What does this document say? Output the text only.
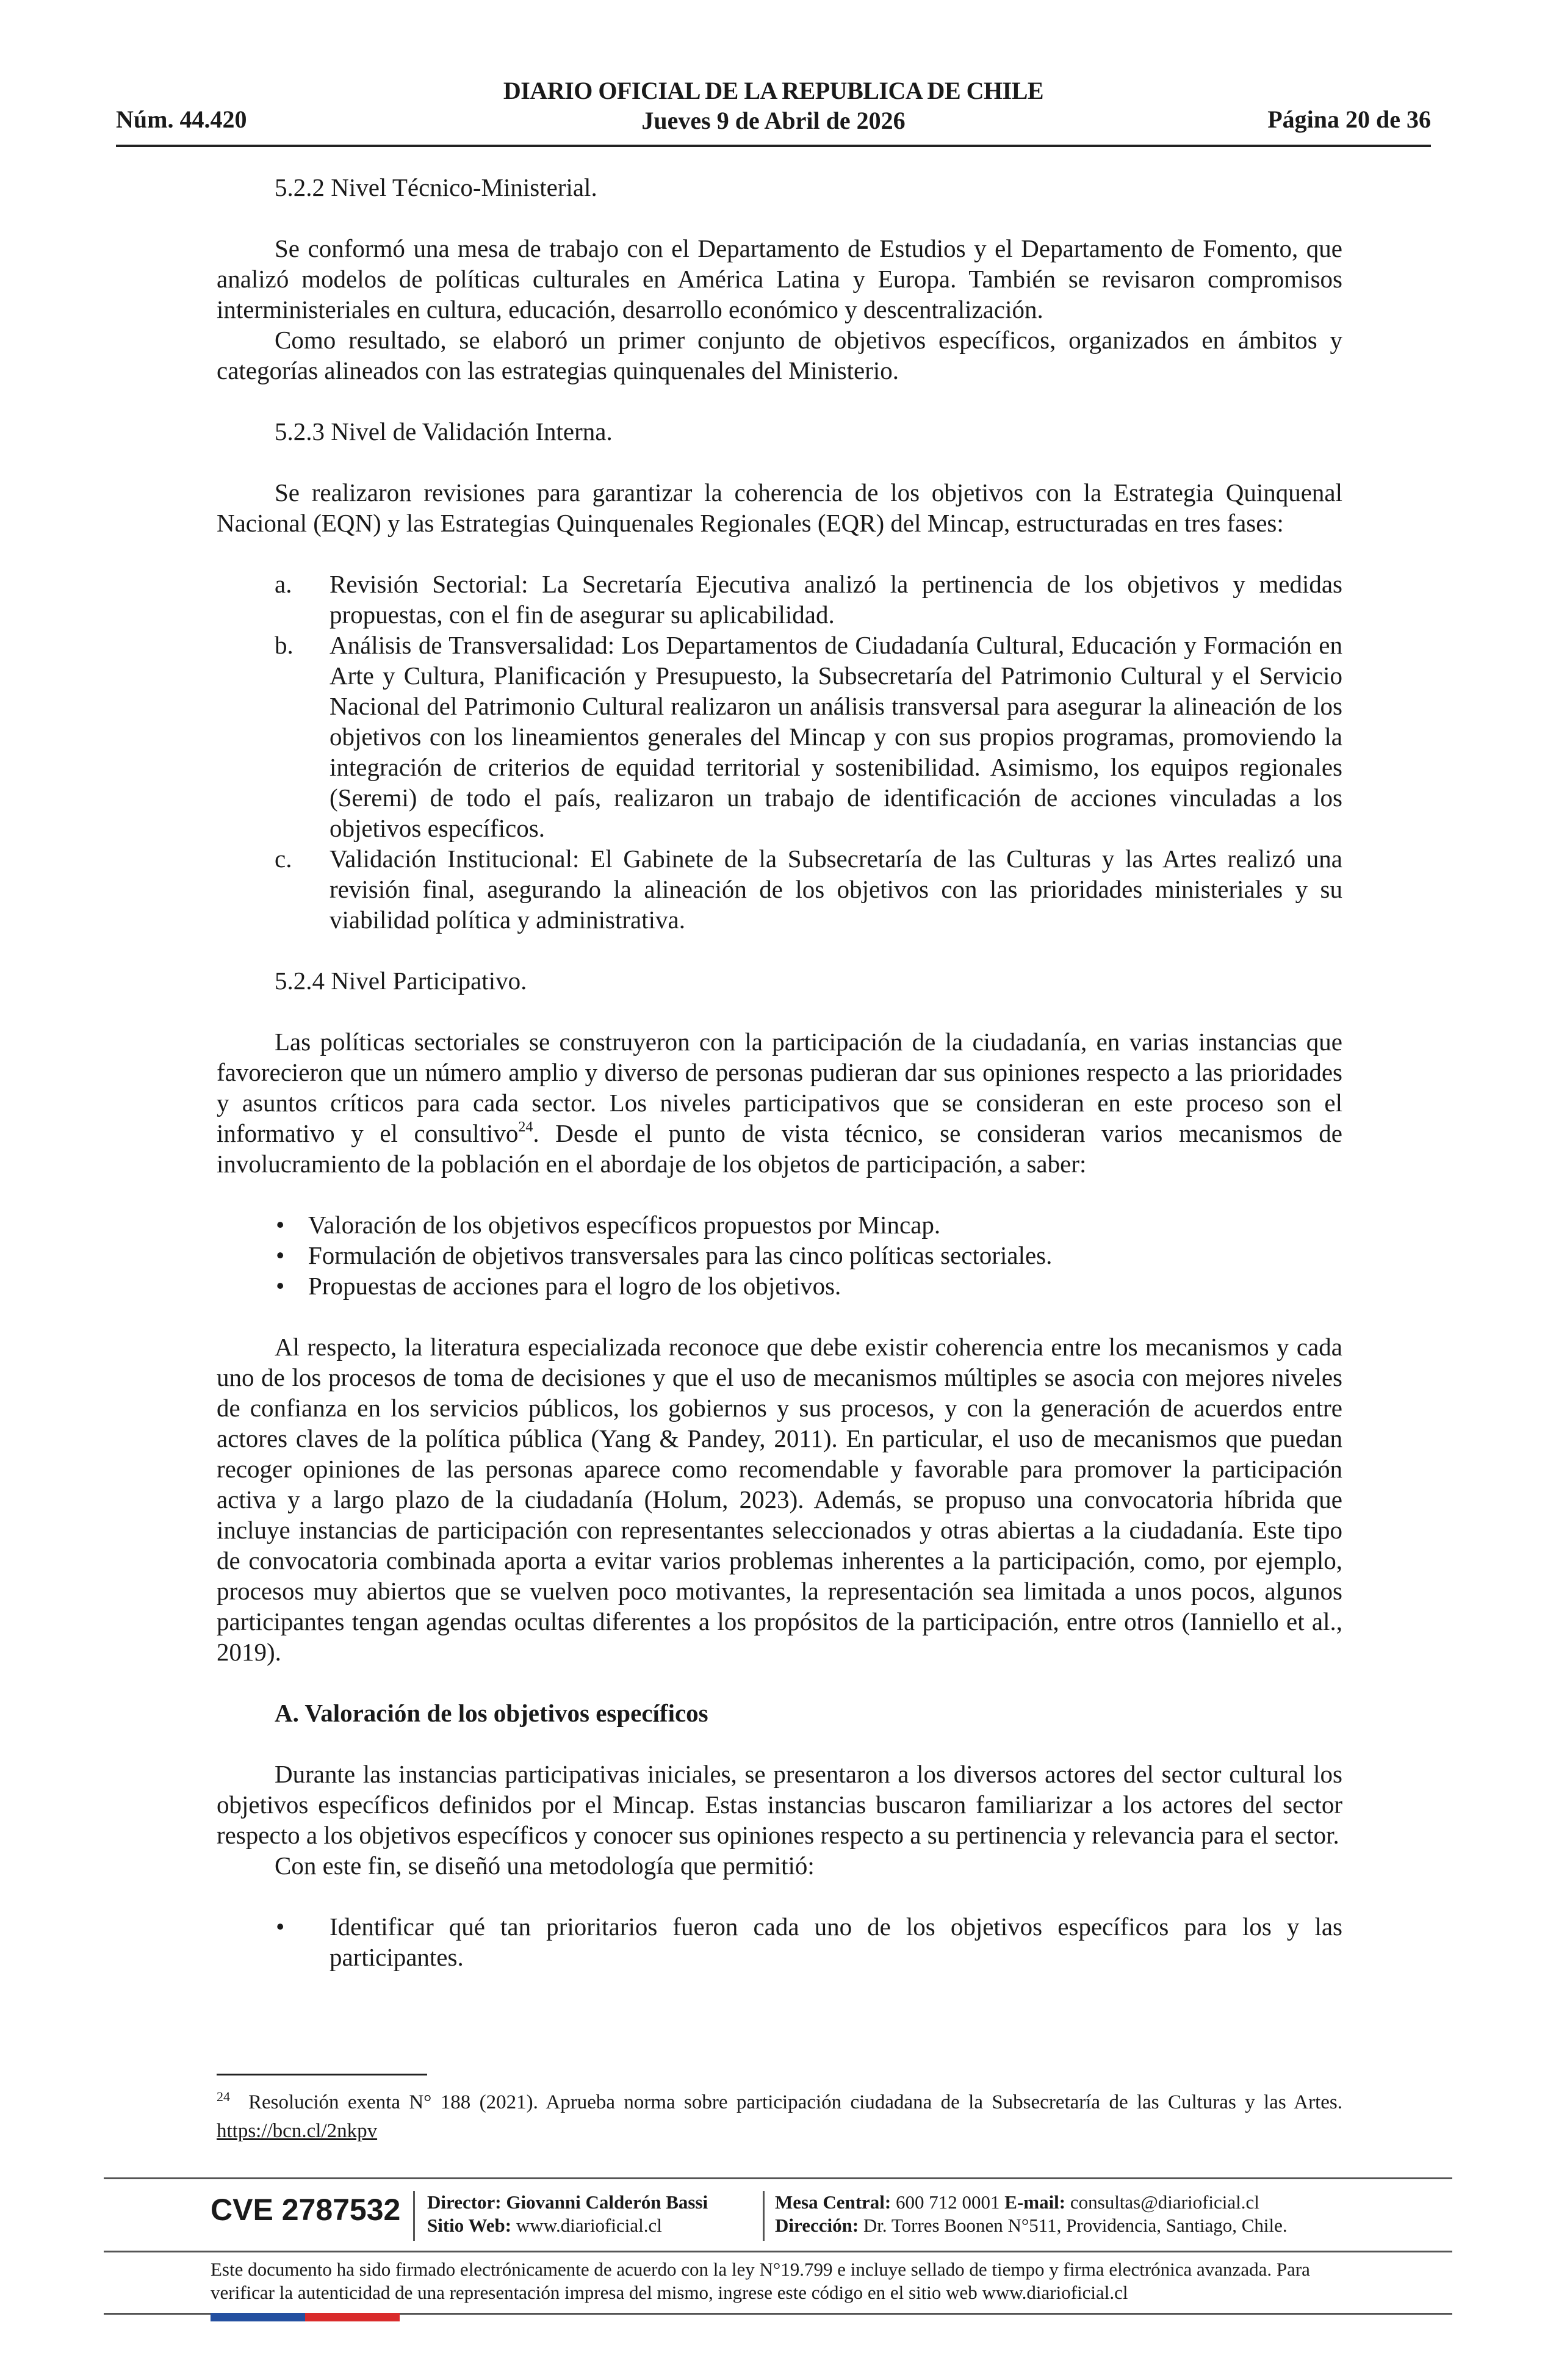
Núm. 44.420
DIARIO OFICIAL DE LA REPUBLICA DE CHILE
Jueves 9 de Abril de 2026	Página 20 de 36

5.2.2 Nivel Técnico-Ministerial.

Se conformó una mesa de trabajo con el Departamento de Estudios y el Departamento de Fomento, que analizó modelos de políticas culturales en América Latina y Europa. También se revisaron compromisos interministeriales en cultura, educación, desarrollo económico y descentralización.

Como resultado, se elaboró un primer conjunto de objetivos específicos, organizados en ámbitos y categorías alineados con las estrategias quinquenales del Ministerio.

5.2.3 Nivel de Validación Interna.

Se realizaron revisiones para garantizar la coherencia de los objetivos con la Estrategia Quinquenal Nacional (EQN) y las Estrategias Quinquenales Regionales (EQR) del Mincap, estructuradas en tres fases:

a. Revisión Sectorial: La Secretaría Ejecutiva analizó la pertinencia de los objetivos y medidas propuestas, con el fin de asegurar su aplicabilidad.
b. Análisis de Transversalidad: Los Departamentos de Ciudadanía Cultural, Educación y Formación en Arte y Cultura, Planificación y Presupuesto, la Subsecretaría del Patrimonio Cultural y el Servicio Nacional del Patrimonio Cultural realizaron un análisis transversal para asegurar la alineación de los objetivos con los lineamientos generales del Mincap y con sus propios programas, promoviendo la integración de criterios de equidad territorial y sostenibilidad. Asimismo, los equipos regionales (Seremi) de todo el país, realizaron un trabajo de identificación de acciones vinculadas a los objetivos específicos.
c. Validación Institucional: El Gabinete de la Subsecretaría de las Culturas y las Artes realizó una revisión final, asegurando la alineación de los objetivos con las prioridades ministeriales y su viabilidad política y administrativa.

5.2.4 Nivel Participativo.

Las políticas sectoriales se construyeron con la participación de la ciudadanía, en varias instancias que favorecieron que un número amplio y diverso de personas pudieran dar sus opiniones respecto a las prioridades y asuntos críticos para cada sector. Los niveles participativos que se consideran en este proceso son el informativo y el consultivo$^{24}$. Desde el punto de vista técnico, se consideran varios mecanismos de involucramiento de la población en el abordaje de los objetos de participación, a saber:

• Valoración de los objetivos específicos propuestos por Mincap.
• Formulación de objetivos transversales para las cinco políticas sectoriales.
• Propuestas de acciones para el logro de los objetivos.

Al respecto, la literatura especializada reconoce que debe existir coherencia entre los mecanismos y cada uno de los procesos de toma de decisiones y que el uso de mecanismos múltiples se asocia con mejores niveles de confianza en los servicios públicos, los gobiernos y sus procesos, y con la generación de acuerdos entre actores claves de la política pública (Yang & Pandey, 2011). En particular, el uso de mecanismos que puedan recoger opiniones de las personas aparece como recomendable y favorable para promover la participación activa y a largo plazo de la ciudadanía (Holum, 2023). Además, se propuso una convocatoria híbrida que incluye instancias de participación con representantes seleccionados y otras abiertas a la ciudadanía. Este tipo de convocatoria combinada aporta a evitar varios problemas inherentes a la participación, como, por ejemplo, procesos muy abiertos que se vuelven poco motivantes, la representación sea limitada a unos pocos, algunos participantes tengan agendas ocultas diferentes a los propósitos de la participación, entre otros (Ianniello et al., 2019).

A. Valoración de los objetivos específicos

Durante las instancias participativas iniciales, se presentaron a los diversos actores del sector cultural los objetivos específicos definidos por el Mincap. Estas instancias buscaron familiarizar a los actores del sector respecto a los objetivos específicos y conocer sus opiniones respecto a su pertinencia y relevancia para el sector.

Con este fin, se diseñó una metodología que permitió:

• Identificar qué tan prioritarios fueron cada uno de los objetivos específicos para los y las participantes.
$^{24}$ Resolución exenta N° 188 (2021). Aprueba norma sobre participación ciudadana de la Subsecretaría de las Culturas y las Artes. https://bcn.cl/2nkpv
CVE 2787532 Director: Giovanni Calderón Bassi
Sitio Web: www.diarioficial.cl
Mesa Central: 600 712 0001 E-mail: consultas@diarioficial.cl
Dirección: Dr. Torres Boonen N°511, Providencia, Santiago, Chile.
Este documento ha sido firmado electrónicamente de acuerdo con la ley N°19.799 e incluye sellado de tiempo y firma electrónica avanzada. Para verificar la autenticidad de una representación impresa del mismo, ingrese este código en el sitio web www.diarioficial.cl
